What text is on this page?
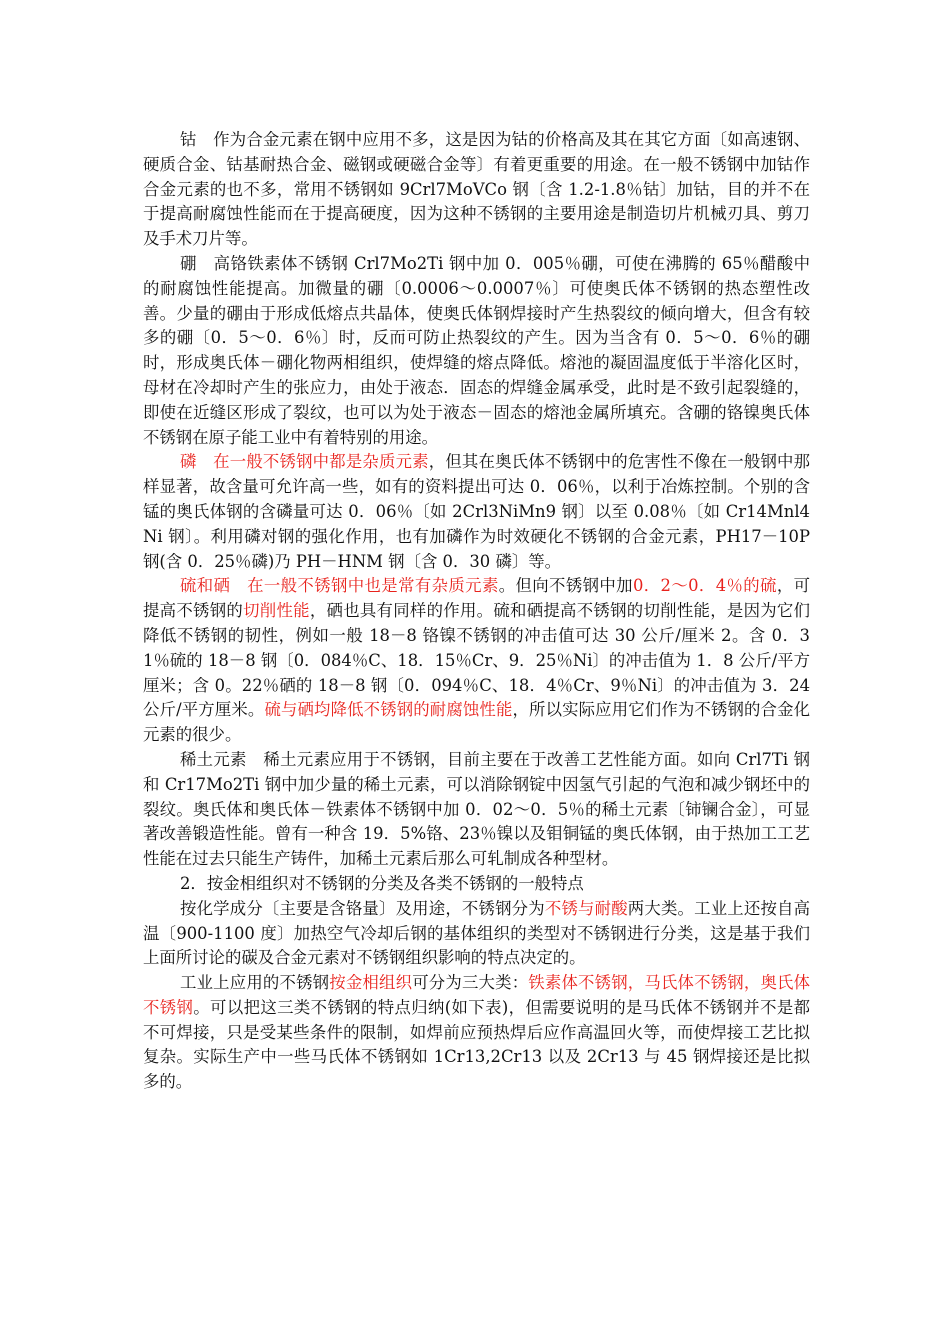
钴　作为合金元素在钢中应用不多，这是因为钴的价格高及其在其它方面〔如高速钢、硬质合金、钴基耐热合金、磁钢或硬磁合金等〕有着更重要的用途。在一般不锈钢中加钴作合金元素的也不多，常用不锈钢如 9Crl7MoVCo 钢〔含 1.2-1.8％钴〕加钴，目的并不在于提高耐腐蚀性能而在于提高硬度，因为这种不锈钢的主要用途是制造切片机械刃具、剪刀及手术刀片等。

硼　高铬铁素体不锈钢 Crl7Mo2Ti 钢中加 0．005％硼，可使在沸腾的 65％醋酸中的耐腐蚀性能提高。加微量的硼〔0.0006～0.0007％〕可使奥氏体不锈钢的热态塑性改善。少量的硼由于形成低熔点共晶体，使奥氏体钢焊接时产生热裂纹的倾向增大，但含有较多的硼〔0．5～0．6％〕时，反而可防止热裂纹的产生。因为当含有 0．5～0．6％的硼时，形成奥氏体－硼化物两相组织，使焊缝的熔点降低。熔池的凝固温度低于半溶化区时，母材在冷却时产生的张应力，由处于液态．固态的焊缝金属承受，此时是不致引起裂缝的，即使在近缝区形成了裂纹，也可以为处于液态－固态的熔池金属所填充。含硼的铬镍奥氏体不锈钢在原子能工业中有着特别的用途。

磷　在一般不锈钢中都是杂质元素，但其在奥氏体不锈钢中的危害性不像在一般钢中那样显著，故含量可允许高一些，如有的资料提出可达 0．06％，以利于冶炼控制。个别的含锰的奥氏体钢的含磷量可达 0．06％〔如 2Crl3NiMn9 钢〕以至 0.08％〔如 Cr14Mnl4Ni 钢〕。利用磷对钢的强化作用，也有加磷作为时效硬化不锈钢的合金元素，PH17－10P 钢(含 0．25％磷)乃 PH－HNM 钢〔含 0．30 磷〕等。

硫和硒　在一般不锈钢中也是常有杂质元素。但向不锈钢中加0．2～0．4％的硫，可提高不锈钢的切削性能，硒也具有同样的作用。硫和硒提高不锈钢的切削性能，是因为它们降低不锈钢的韧性，例如一般 18－8 铬镍不锈钢的冲击值可达 30 公斤/厘米 2。含 0．31％硫的 18－8 钢〔0．084％C、18．15％Cr、9．25％Ni〕的冲击值为 1．8 公斤/平方厘米；含 0。22％硒的 18－8 钢〔0．094％C、18．4％Cr、9％Ni〕的冲击值为 3．24 公斤/平方厘米。硫与硒均降低不锈钢的耐腐蚀性能，所以实际应用它们作为不锈钢的合金化元素的很少。

稀土元素　稀土元素应用于不锈钢，目前主要在于改善工艺性能方面。如向 Crl7Ti 钢和 Cr17Mo2Ti 钢中加少量的稀土元素，可以消除钢锭中因氢气引起的气泡和减少钢坯中的裂纹。奥氏体和奥氏体－铁素体不锈钢中加 0．02～0．5％的稀土元素〔铈镧合金〕，可显著改善锻造性能。曾有一种含 19．5%铬、23％镍以及钼铜锰的奥氏体钢，由于热加工工艺性能在过去只能生产铸件，加稀土元素后那么可轧制成各种型材。

2．按金相组织对不锈钢的分类及各类不锈钢的一般特点

按化学成分〔主要是含铬量〕及用途，不锈钢分为不锈与耐酸两大类。工业上还按自高温〔900-1100 度〕加热空气冷却后钢的基体组织的类型对不锈钢进行分类，这是基于我们上面所讨论的碳及合金元素对不锈钢组织影响的特点决定的。

工业上应用的不锈钢按金相组织可分为三大类：铁素体不锈钢，马氏体不锈钢，奥氏体不锈钢。可以把这三类不锈钢的特点归纳(如下表)，但需要说明的是马氏体不锈钢并不是都不可焊接，只是受某些条件的限制，如焊前应预热焊后应作高温回火等，而使焊接工艺比拟复杂。实际生产中一些马氏体不锈钢如 1Cr13,2Cr13 以及 2Cr13 与 45 钢焊接还是比拟多的。
